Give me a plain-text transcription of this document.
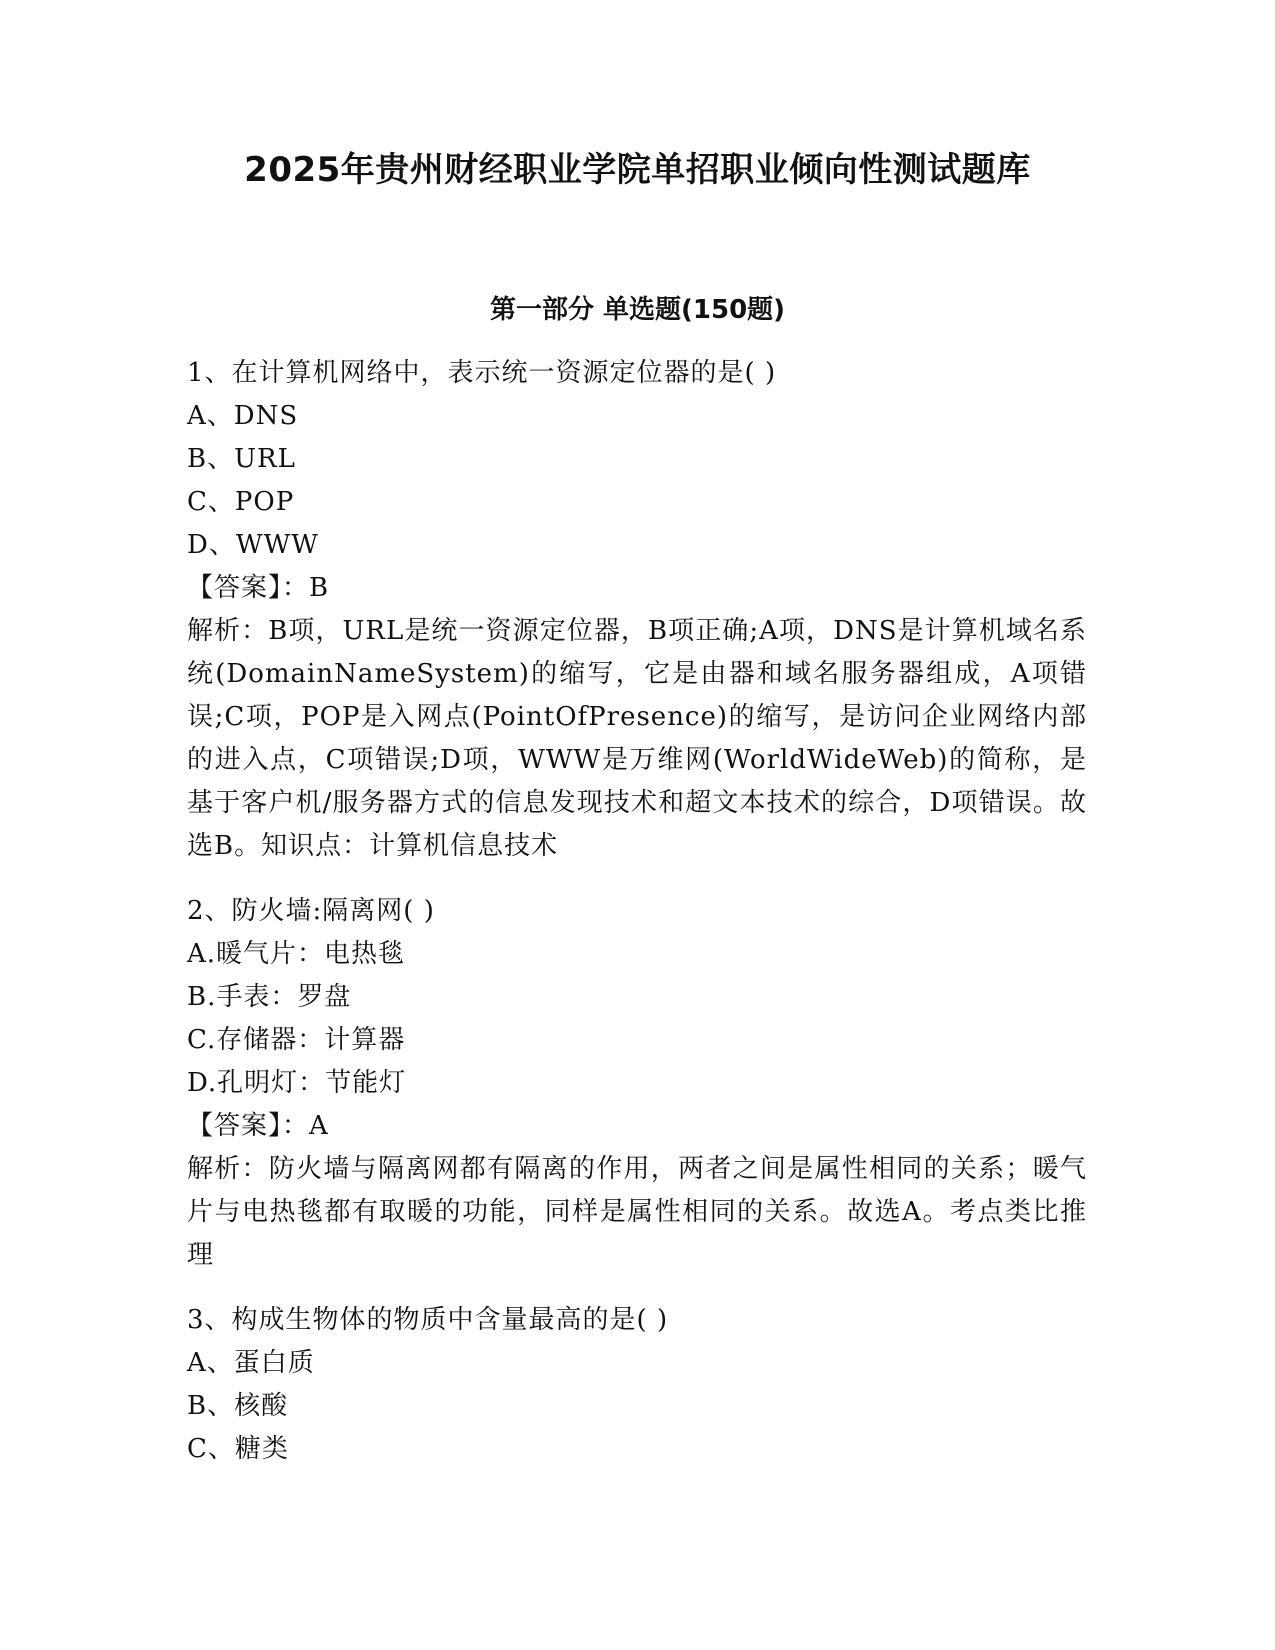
2025年贵州财经职业学院单招职业倾向性测试题库
第一部分 单选题(150题)

1、在计算机网络中，表示统一资源定位器的是( )

A、DNS

B、URL

C、POP

D、WWW

【答案】：B

解析：B项，URL是统一资源定位器，B项正确;A项，DNS是计算机域名系统(DomainNameSystem)的缩写，它是由器和域名服务器组成，A项错误;C项，POP是入网点(PointOfPresence)的缩写，是访问企业网络内部的进入点，C项错误;D项，WWW是万维网(WorldWideWeb)的简称，是基于客户机/服务器方式的信息发现技术和超文本技术的综合，D项错误。故选B。知识点：计算机信息技术

2、防火墙:隔离网( )

A.暖气片：电热毯

B.手表：罗盘

C.存储器：计算器

D.孔明灯：节能灯

【答案】：A

解析：防火墙与隔离网都有隔离的作用，两者之间是属性相同的关系；暖气片与电热毯都有取暖的功能，同样是属性相同的关系。故选A。考点类比推理

3、构成生物体的物质中含量最高的是( )

A、蛋白质

B、核酸

C、糖类
